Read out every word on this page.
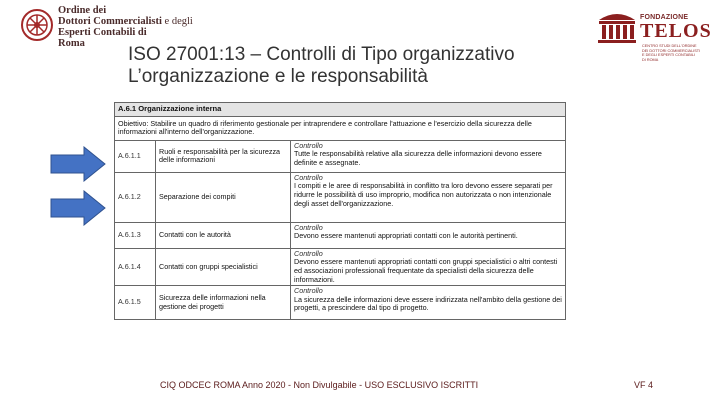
Ordine dei
Dottori Commercialisti e degli
Esperti Contabili di
Roma
FONDAZIONE
TELOS
CENTRO STUDI DELL'ORDINE
DEI DOTTORI COMMERCIALISTI
E DEGLI ESPERTI CONTABILI
DI ROMA
ISO 27001:13 – Controlli di Tipo organizzativo
L’organizzazione e le responsabilità
A.6.1 Organizzazione interna		
Obiettivo: Stabilire un quadro di riferimento gestionale per intraprendere e controllare l'attuazione e l'esercizio della sicurezza delle informazioni all'interno dell'organizzazione.		
A.6.1.1	Ruoli e responsabilità per la sicurezza delle informazioni	Controllo
Tutte le responsabilità relative alla sicurezza delle informazioni devono essere definite e assegnate.

A.6.1.2	Separazione dei compiti	Controllo
I compiti e le aree di responsabilità in conflitto tra loro devono essere separati per ridurre le possibilità di uso improprio, modifica non autorizzata o non intenzionale degli asset dell'organizzazione.

A.6.1.3	Contatti con le autorità	Controllo
Devono essere mantenuti appropriati contatti con le autorità pertinenti.

A.6.1.4	Contatti con gruppi specialistici	Controllo
Devono essere mantenuti appropriati contatti con gruppi specialistici o altri contesti ed associazioni professionali frequentate da specialisti della sicurezza delle informazioni.

A.6.1.5	Sicurezza delle informazioni nella gestione dei progetti	Controllo
La sicurezza delle informazioni deve essere indirizzata nell'ambito della gestione dei progetti, a prescindere dal tipo di progetto.
CIQ ODCEC ROMA Anno 2020 - Non Divulgabile - USO ESCLUSIVO ISCRITTI	VF 4
